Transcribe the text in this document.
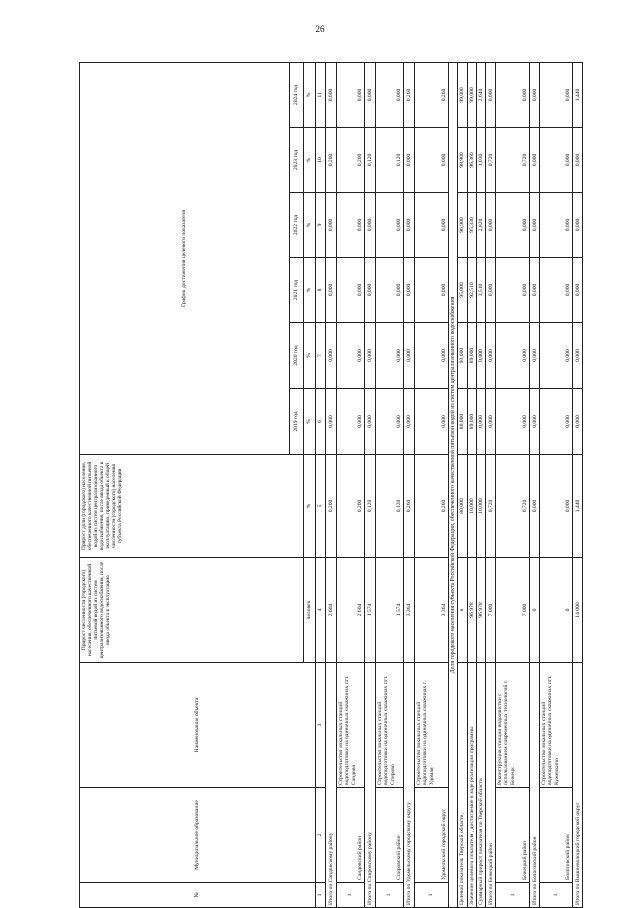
26
№	Муниципальное образование	Наименование объекта	Прирост численности (городского) населения, обеспеченного качественной питьевой водой из систем централизованного водоснабжения, после ввода объекта в эксплуатацию	Прирост доли (городского) населения, обеспеченного качественной питьевой водой из систем централизованного водоснабжения, после ввода объекта в эксплуатацию, приведенный к общей численности (городского) населения субъекта Российской Федерации	График достижения целевого показателя					
					2019 год	2020 год	2021 год	2022 год	2023 год	2024 год
			человек	%	%	%	%	%	%	%
1	2	3	4	5	6	7	8	9	10	11
Итого по Сандовскому району			2 604	0,200	0,000	0,000	0,000	0,000	0,200	0,000
1	Сандовский район	Строительство локальных станций водоподготовки на одиночных скважинах пгт. Сандово	2 604	0,200	0,000	0,000	0,000	0,000	0,200	0,000
Итого по Спировскому району			1 574	0,120	0,000	0,000	0,000	0,000	0,120	0,000
1	Спировский район	Строительство локальных станций водоподготовки на одиночных скважинах пгт. Спирово	1 574	0,120	0,000	0,000	0,000	0,000	0,120	0,000
Итого по Удомельскому городскому округу			3 364	0,260	0,000	0,000	0,000	0,000	0,000	0,260
1	Удомельский городской округ	Строительство локальных станций водоподготовки на одиночных скважинах г. Удомля	3 364	0,260	0,000	0,000	0,000	0,000	0,000	0,260
Доля городского населения субъекта Российской Федерации, обеспеченного качественной питьевой водой из систем централизованного водоснабжения										
Целевой показатель Тверской области,			в	80,000	80,000	93,000	95,000	96,900	98,900	99,000
Значение целевого показателя , достигаемое в ходе реализации программы			96 978	10,000	89,000	89,000	92,510	95,330	96,360	99,000
Суммарный прирост показателя по Тверской области			96 978	10,000	0,000	0,000	3,510	2,820	1,030	2,640
Итого по Бежецкий район			7 000	0,720	0,000	0,000	0,000	0,000	0,720	0,000
1	Бежецкий район	Реконструкция станции водоочистки с использованием современных технологий г. Бежецк	7 000	0,720	0,000	0,000	0,000	0,000	0,720	0,000
Итого по Бологовский район			0	0,000	0,000	0,000	0,000	0,000	0,000	0,000
1	Бологовский район	Строительство локальных станций водоподготовки на одиночных скважинах пгт. Куженкино	0	0,000	0,000	0,000	0,000	0,000	0,000	0,000
Итого по Вышневолоцкий городской округ			14 000	1,440	0,000	0,000	0,000	0,000	0,000	1,440
